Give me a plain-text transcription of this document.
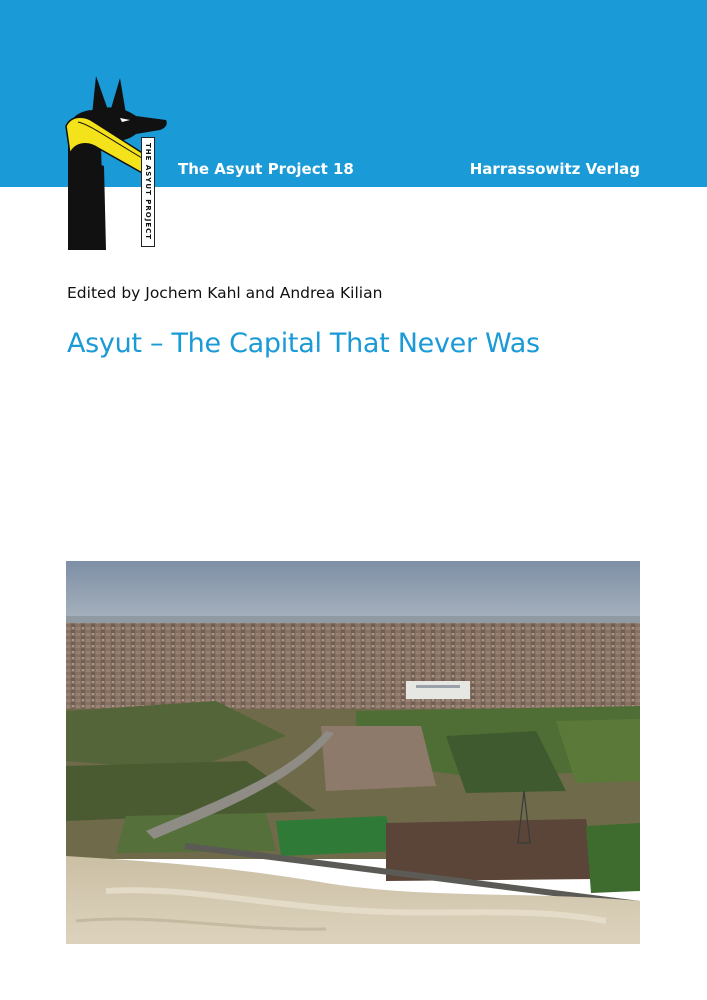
THE ASYUT PROJECT The Asyut Project 18	Harrassowitz Verlag
Edited by Jochem Kahl and Andrea Kilian
Asyut – The Capital That Never Was
